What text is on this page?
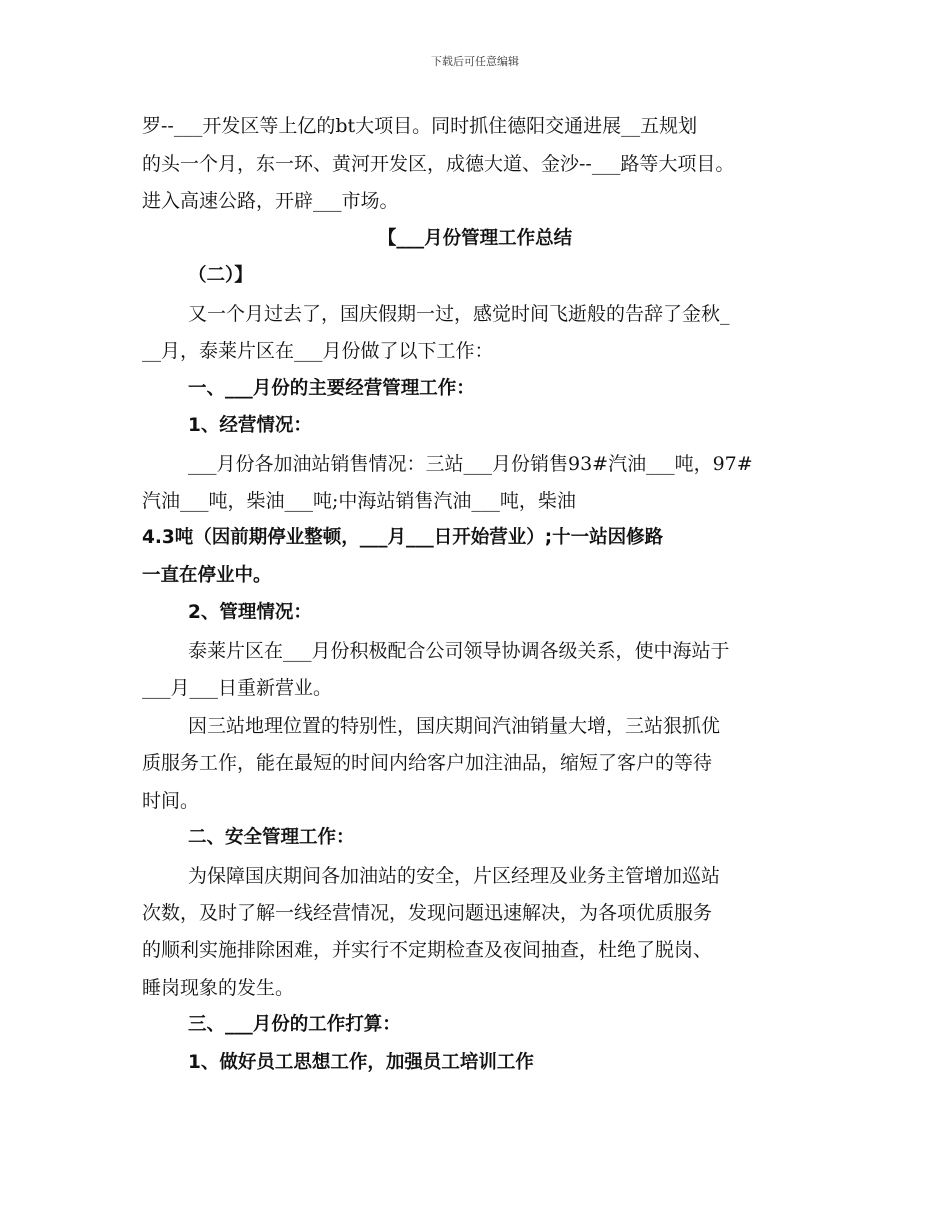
下载后可任意编辑
罗--___开发区等上亿的bt大项目。同时抓住德阳交通进展__五规划
的头一个月，东一环、黄河开发区，成德大道、金沙--___路等大项目。
进入高速公路，开辟___市场。
【___月份管理工作总结
（二）】
又一个月过去了，国庆假期一过，感觉时间飞逝般的告辞了金秋_
__月，泰莱片区在___月份做了以下工作：
一、___月份的主要经营管理工作：
1、经营情况：
___月份各加油站销售情况：三站___月份销售93#汽油___吨，97#
汽油___吨，柴油___吨;中海站销售汽油___吨，柴油
4.3吨（因前期停业整顿，___月___日开始营业）;十一站因修路
一直在停业中。
2、管理情况：
泰莱片区在___月份积极配合公司领导协调各级关系，使中海站于
___月___日重新营业。
因三站地理位置的特别性，国庆期间汽油销量大增，三站狠抓优
质服务工作，能在最短的时间内给客户加注油品，缩短了客户的等待
时间。
二、安全管理工作：
为保障国庆期间各加油站的安全，片区经理及业务主管增加巡站
次数，及时了解一线经营情况，发现问题迅速解决，为各项优质服务
的顺利实施排除困难，并实行不定期检查及夜间抽查，杜绝了脱岗、
睡岗现象的发生。
三、___月份的工作打算：
1、做好员工思想工作，加强员工培训工作
